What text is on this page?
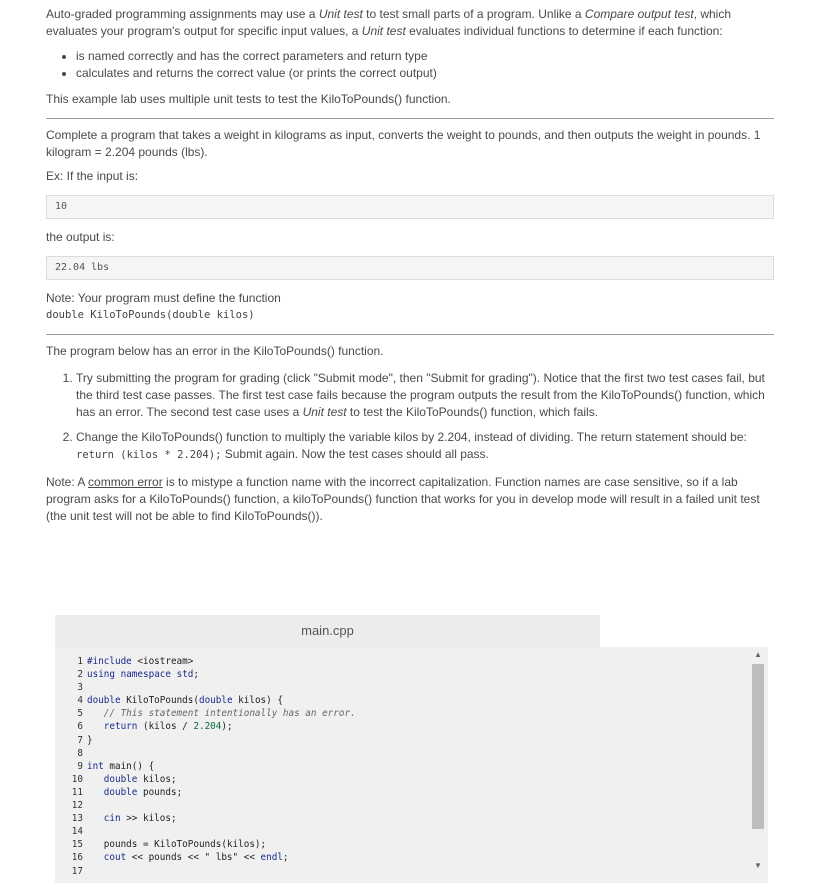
Auto-graded programming assignments may use a Unit test to test small parts of a program. Unlike a Compare output test, which evaluates your program's output for specific input values, a Unit test evaluates individual functions to determine if each function:

• is named correctly and has the correct parameters and return type
• calculates and returns the correct value (or prints the correct output)

This example lab uses multiple unit tests to test the KiloToPounds() function.

Complete a program that takes a weight in kilograms as input, converts the weight to pounds, and then outputs the weight in pounds. 1 kilogram = 2.204 pounds (lbs).

Ex: If the input is:

10

the output is:

22.04 lbs

Note: Your program must define the function

double KiloToPounds(double kilos)

The program below has an error in the KiloToPounds() function.

1. Try submitting the program for grading (click "Submit mode", then "Submit for grading"). Notice that the first two test cases fail, but the third test case passes. The first test case fails because the program outputs the result from the KiloToPounds() function, which has an error. The second test case uses a Unit test to test the KiloToPounds() function, which fails.
2. Change the KiloToPounds() function to multiply the variable kilos by 2.204, instead of dividing. The return statement should be: return (kilos * 2.204); Submit again. Now the test cases should all pass.

Note: A common error is to mistype a function name with the incorrect capitalization. Function names are case sensitive, so if a lab program asks for a KiloToPounds() function, a kiloToPounds() function that works for you in develop mode will result in a failed unit test (the unit test will not be able to find KiloToPounds()).

main.cpp
1 #include <iostream>
2 using namespace std;
3
4 double KiloToPounds(double kilos) {
5	// This statement intentionally has an error.
6	return (kilos / 2.204);
7 }
8
9 int main() {
10	double kilos;
11	double pounds;
12
13	cin >> kilos;
14
15 pounds = KiloToPounds(kilos);
16	cout << pounds << " lbs" << endl;
17
▲
▼
